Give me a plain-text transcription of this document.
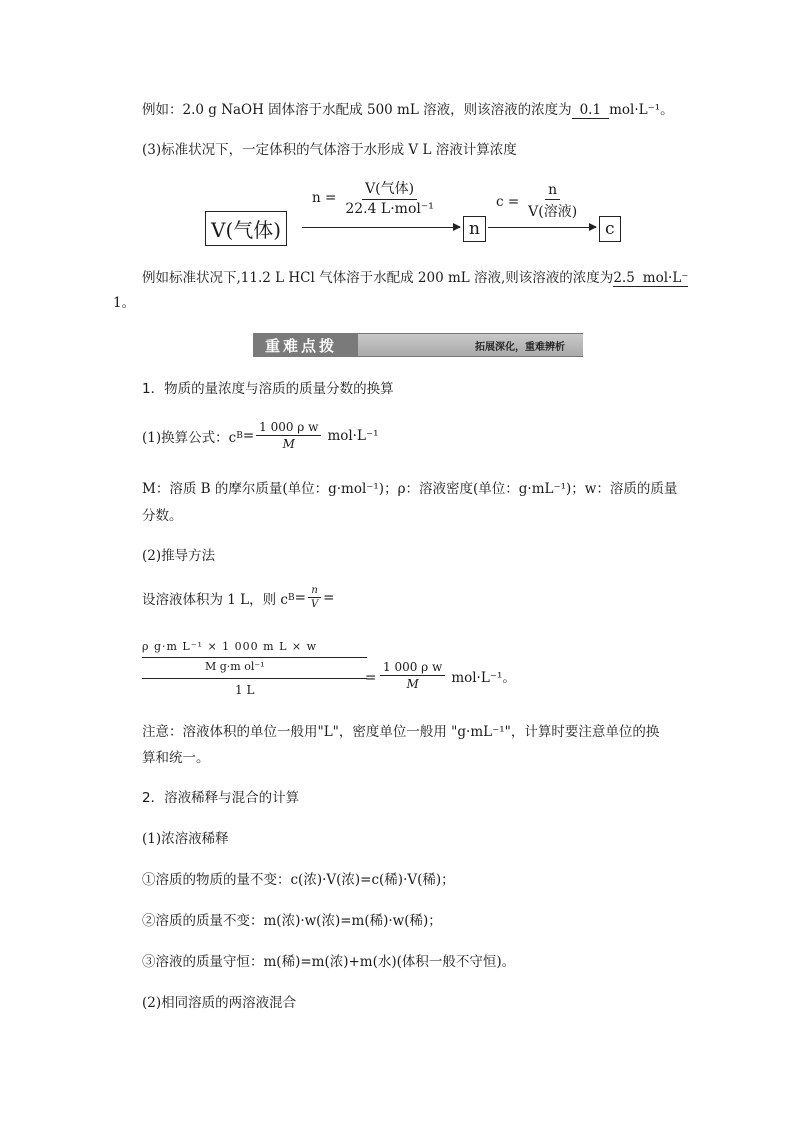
例如：2.0 g NaOH 固体溶于水配成 500 mL 溶液，则该溶液的浓度为 0.1 mol·L⁻¹。
(3)标准状况下，一定体积的气体溶于水形成 V L 溶液计算浓度
V(气体)
$n = \frac{\text{V(气体)}}{\text{22.4 L·mol⁻¹}}$
n
$c = \frac{n}{\text{V(溶液)}}$
c
例如标准状况下,11.2 L HCl 气体溶于水配成 200 mL 溶液,则该溶液的浓度为2.5 mol·L⁻
1。
重难点拨	拓展深化，重难辨析
1．物质的量浓度与溶质的质量分数的换算
(1)换算公式：c $B = \frac{\text{1 000 ρ w}}{M} mol\cdot L^{-1}$
M：溶质 B 的摩尔质量(单位：g·mol⁻¹)；ρ：溶液密度(单位：g·mL⁻¹)；w：溶质的质量
分数。
(2)推导方法
设溶液体积为 1 L，则 c $B = \frac{n}{V}$ =
ρ g·m L⁻¹ × 1 000 m L × w
M g·m ol⁻¹
1 L
= $\frac{\text{1 000 ρ w}}{M} mol\cdot L^{-1}$。
注意：溶液体积的单位一般用"L"，密度单位一般用 "g·mL⁻¹"，计算时要注意单位的换
算和统一。
2．溶液稀释与混合的计算
(1)浓溶液稀释
①溶质的物质的量不变：c(浓)·V(浓)=c(稀)·V(稀)；
②溶质的质量不变：m(浓)·w(浓)=m(稀)·w(稀)；
③溶液的质量守恒：m(稀)=m(浓)+m(水)(体积一般不守恒)。
(2)相同溶质的两溶液混合
